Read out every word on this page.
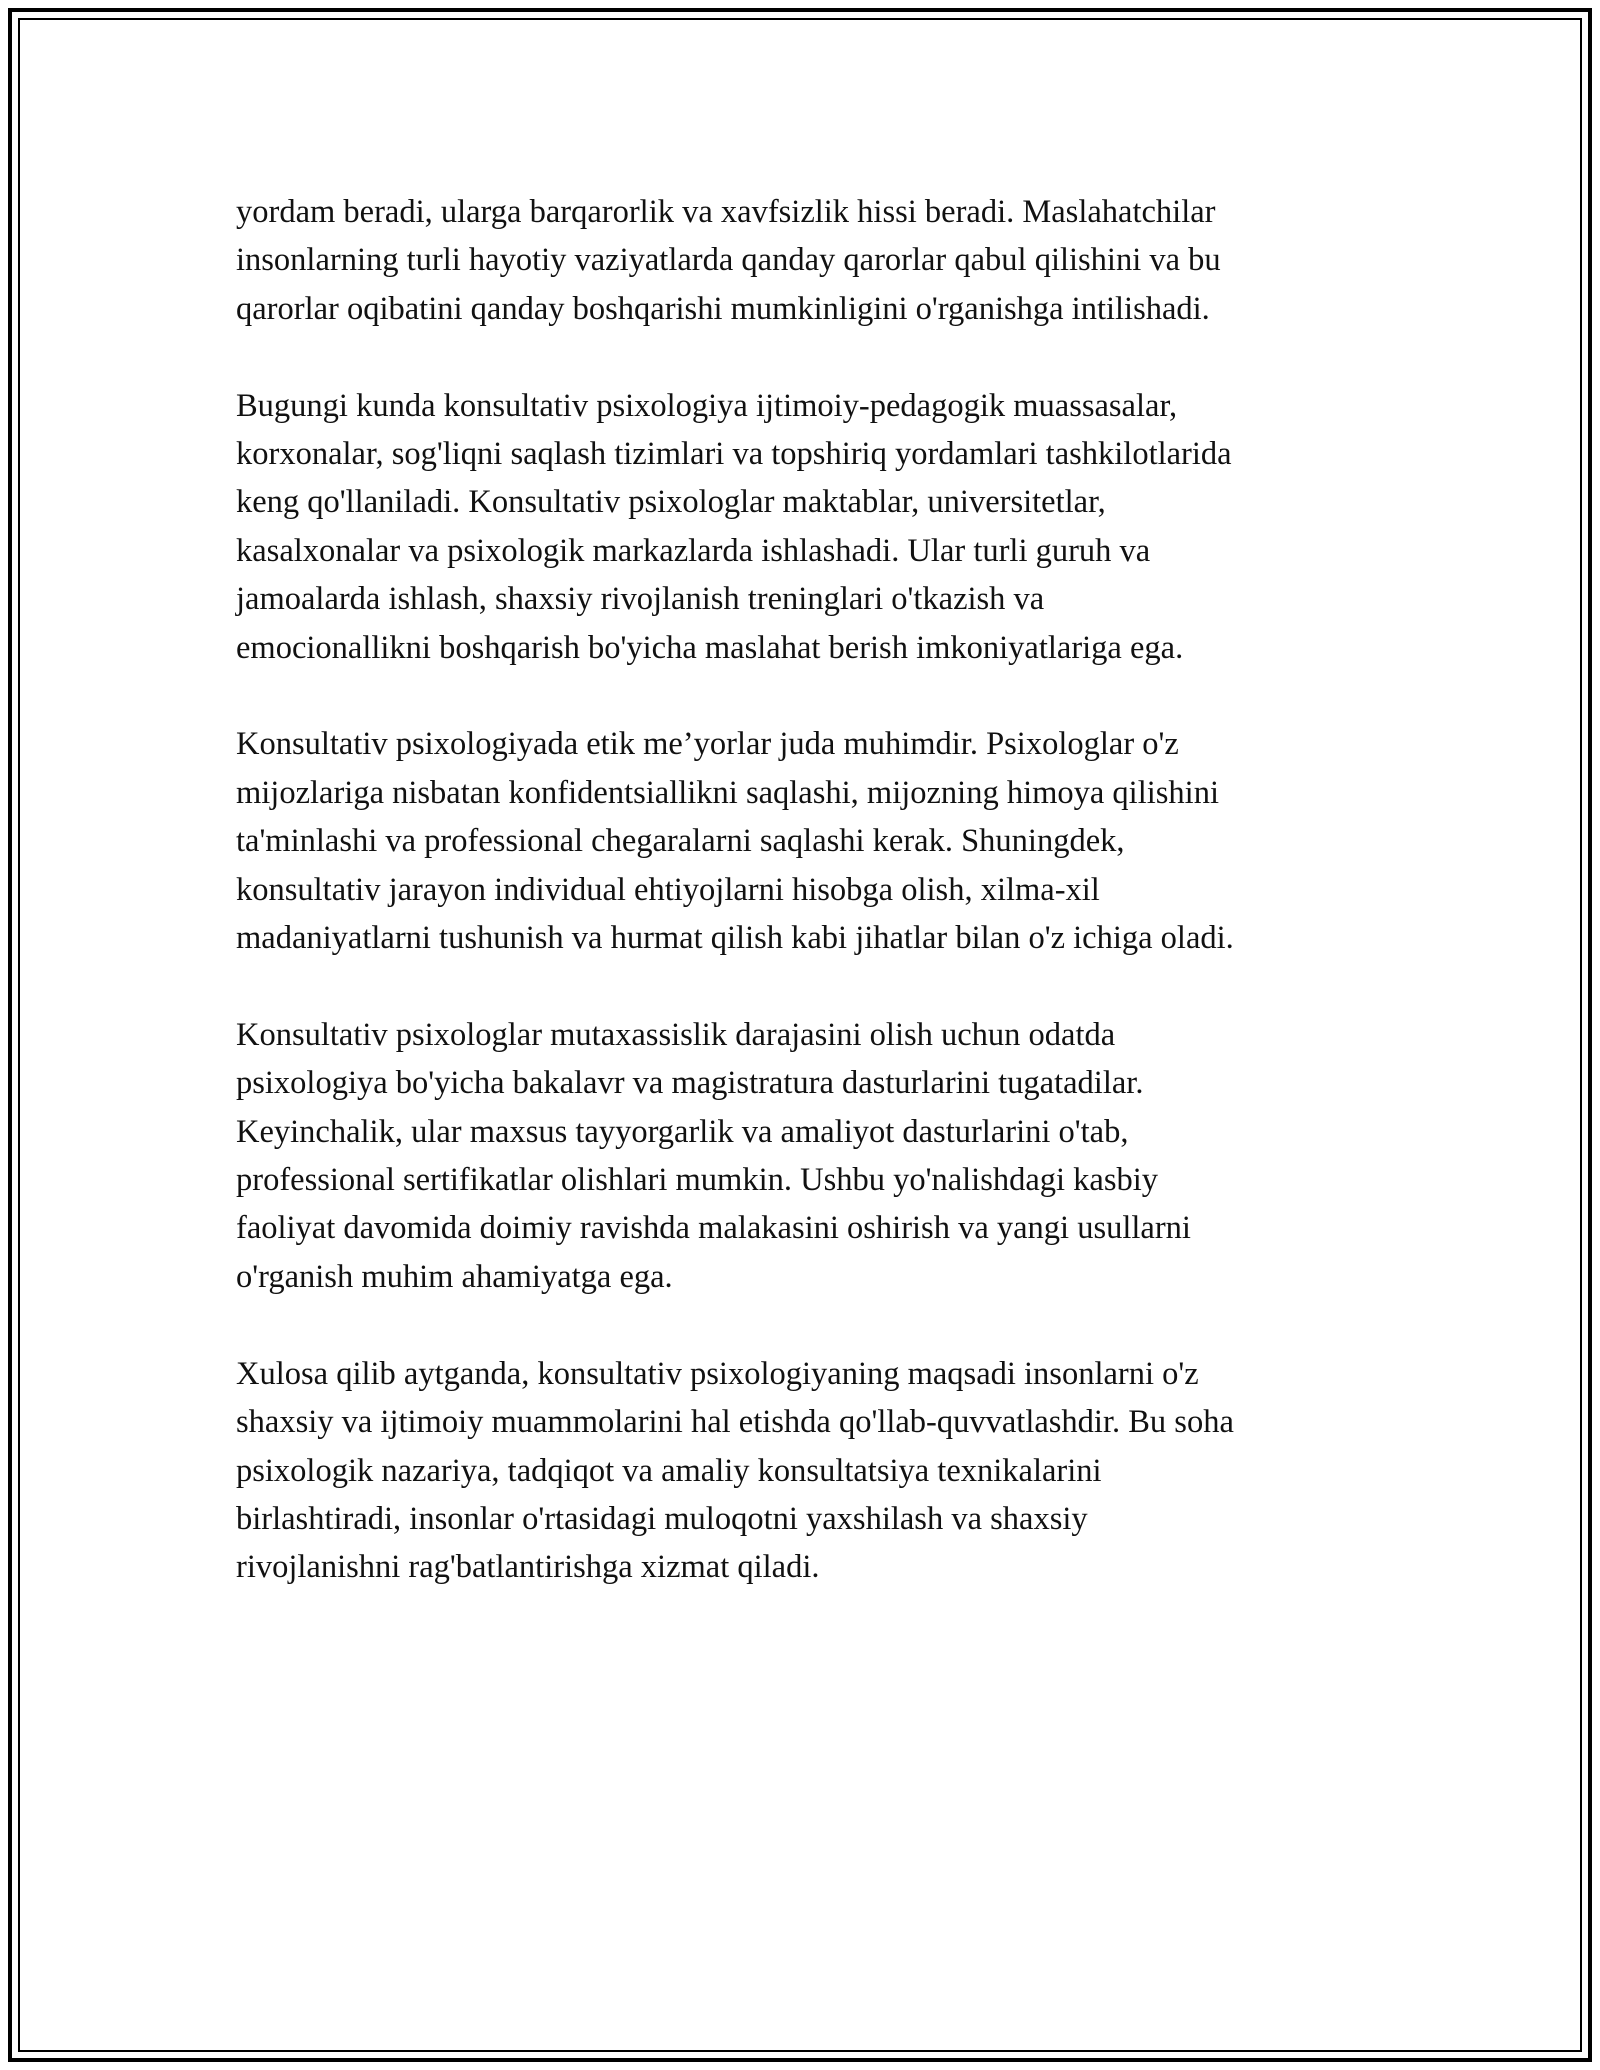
yordam beradi, ularga barqarorlik va xavfsizlik hissi beradi. Maslahatchilar
insonlarning turli hayotiy vaziyatlarda qanday qarorlar qabul qilishini va bu
qarorlar oqibatini qanday boshqarishi mumkinligini o'rganishga intilishadi.

Bugungi kunda konsultativ psixologiya ijtimoiy-pedagogik muassasalar,
korxonalar, sog'liqni saqlash tizimlari va topshiriq yordamlari tashkilotlarida
keng qo'llaniladi. Konsultativ psixologlar maktablar, universitetlar,
kasalxonalar va psixologik markazlarda ishlashadi. Ular turli guruh va
jamoalarda ishlash, shaxsiy rivojlanish treninglari o'tkazish va
emocionallikni boshqarish bo'yicha maslahat berish imkoniyatlariga ega.

Konsultativ psixologiyada etik me’yorlar juda muhimdir. Psixologlar o'z
mijozlariga nisbatan konfidentsiallikni saqlashi, mijozning himoya qilishini
ta'minlashi va professional chegaralarni saqlashi kerak. Shuningdek,
konsultativ jarayon individual ehtiyojlarni hisobga olish, xilma-xil
madaniyatlarni tushunish va hurmat qilish kabi jihatlar bilan o'z ichiga oladi.

Konsultativ psixologlar mutaxassislik darajasini olish uchun odatda
psixologiya bo'yicha bakalavr va magistratura dasturlarini tugatadilar.
Keyinchalik, ular maxsus tayyorgarlik va amaliyot dasturlarini o'tab,
professional sertifikatlar olishlari mumkin. Ushbu yo'nalishdagi kasbiy
faoliyat davomida doimiy ravishda malakasini oshirish va yangi usullarni
o'rganish muhim ahamiyatga ega.

Xulosa qilib aytganda, konsultativ psixologiyaning maqsadi insonlarni o'z
shaxsiy va ijtimoiy muammolarini hal etishda qo'llab-quvvatlashdir. Bu soha
psixologik nazariya, tadqiqot va amaliy konsultatsiya texnikalarini
birlashtiradi, insonlar o'rtasidagi muloqotni yaxshilash va shaxsiy
rivojlanishni rag'batlantirishga xizmat qiladi.
